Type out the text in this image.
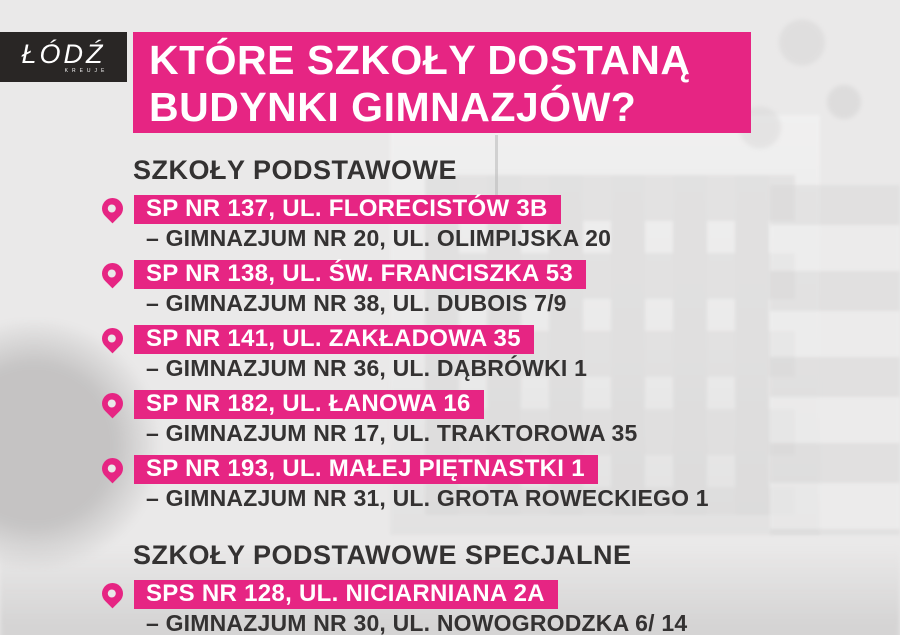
ŁÓDŹ
KREUJE KTÓRE SZKOŁY DOSTANĄ
BUDYNKI GIMNAZJÓW?
SZKOŁY PODSTAWOWE
SP NR 137, UL. FLORECISTÓW 3B
– GIMNAZJUM NR 20, UL. OLIMPIJSKA 20
SP NR 138, UL. ŚW. FRANCISZKA 53
– GIMNAZJUM NR 38, UL. DUBOIS 7/9
SP NR 141, UL. ZAKŁADOWA 35
– GIMNAZJUM NR 36, UL. DĄBRÓWKI 1
SP NR 182, UL. ŁANOWA 16
– GIMNAZJUM NR 17, UL. TRAKTOROWA 35
SP NR 193, UL. MAŁEJ PIĘTNASTKI 1
– GIMNAZJUM NR 31, UL. GROTA ROWECKIEGO 1
SZKOŁY PODSTAWOWE SPECJALNE
SPS NR 128, UL. NICIARNIANA 2A
– GIMNAZJUM NR 30, UL. NOWOGRODZKA 6/ 14
